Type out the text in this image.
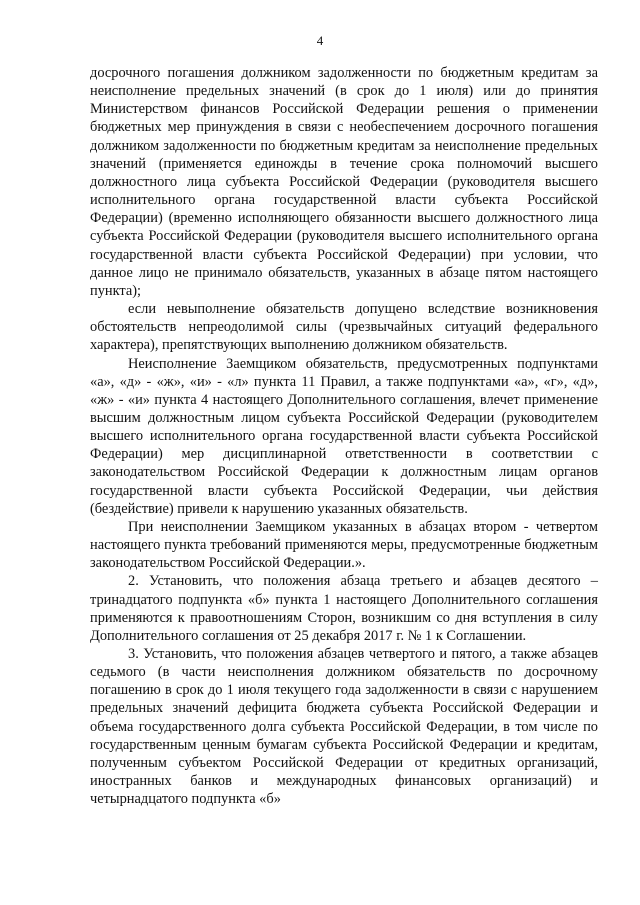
4

досрочного погашения должником задолженности по бюджетным кредитам за неисполнение предельных значений (в срок до 1 июля) или до принятия Министерством финансов Российской Федерации решения о применении бюджетных мер принуждения в связи с необеспечением досрочного погашения должником задолженности по бюджетным кредитам за неисполнение предельных значений (применяется единожды в течение срока полномочий высшего должностного лица субъекта Российской Федерации (руководителя высшего исполнительного органа государственной власти субъекта Российской Федерации) (временно исполняющего обязанности высшего должностного лица субъекта Российской Федерации (руководителя высшего исполнительного органа государственной власти субъекта Российской Федерации) при условии, что данное лицо не принимало обязательств, указанных в абзаце пятом настоящего пункта);

если невыполнение обязательств допущено вследствие возникновения обстоятельств непреодолимой силы (чрезвычайных ситуаций федерального характера), препятствующих выполнению должником обязательств.

Неисполнение Заемщиком обязательств, предусмотренных подпунктами «а», «д» - «ж», «и» - «л» пункта 11 Правил, а также подпунктами «а», «г», «д», «ж» - «и» пункта 4 настоящего Дополнительного соглашения, влечет применение высшим должностным лицом субъекта Российской Федерации (руководителем высшего исполнительного органа государственной власти субъекта Российской Федерации) мер дисциплинарной ответственности в соответствии с законодательством Российской Федерации к должностным лицам органов государственной власти субъекта Российской Федерации, чьи действия (бездействие) привели к нарушению указанных обязательств.

При неисполнении Заемщиком указанных в абзацах втором - четвертом настоящего пункта требований применяются меры, предусмотренные бюджетным законодательством Российской Федерации.».

2. Установить, что положения абзаца третьего и абзацев десятого – тринадцатого подпункта «б» пункта 1 настоящего Дополнительного соглашения применяются к правоотношениям Сторон, возникшим со дня вступления в силу Дополнительного соглашения от 25 декабря 2017 г. № 1 к Соглашении.

3. Установить, что положения абзацев четвертого и пятого, а также абзацев седьмого (в части неисполнения должником обязательств по досрочному погашению в срок до 1 июля текущего года задолженности в связи с нарушением предельных значений дефицита бюджета субъекта Российской Федерации и объема государственного долга субъекта Российской Федерации, в том числе по государственным ценным бумагам субъекта Российской Федерации и кредитам, полученным субъектом Российской Федерации от кредитных организаций, иностранных банков и международных финансовых организаций) и четырнадцатого подпункта «б»
